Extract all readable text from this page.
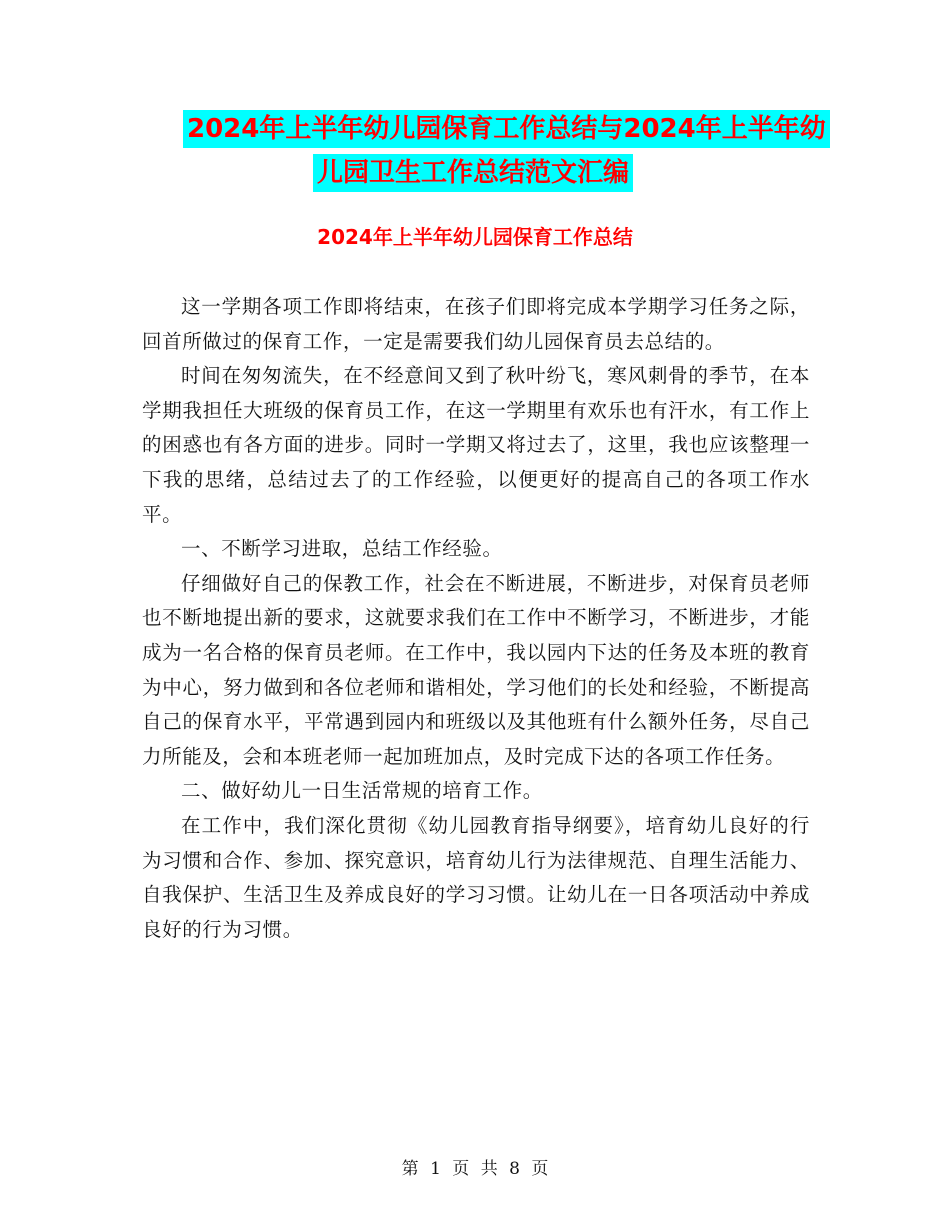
2024年上半年幼儿园保育工作总结与2024年上半年幼
儿园卫生工作总结范文汇编
2024年上半年幼儿园保育工作总结

这一学期各项工作即将结束，在孩子们即将完成本学期学习任务之际，回首所做过的保育工作，一定是需要我们幼儿园保育员去总结的。

时间在匆匆流失，在不经意间又到了秋叶纷飞，寒风刺骨的季节，在本学期我担任大班级的保育员工作，在这一学期里有欢乐也有汗水，有工作上的困惑也有各方面的进步。同时一学期又将过去了，这里，我也应该整理一下我的思绪，总结过去了的工作经验，以便更好的提高自己的各项工作水平。

一、不断学习进取，总结工作经验。

仔细做好自己的保教工作，社会在不断进展，不断进步，对保育员老师也不断地提出新的要求，这就要求我们在工作中不断学习，不断进步，才能成为一名合格的保育员老师。在工作中，我以园内下达的任务及本班的教育为中心，努力做到和各位老师和谐相处，学习他们的长处和经验，不断提高自己的保育水平，平常遇到园内和班级以及其他班有什么额外任务，尽自己力所能及，会和本班老师一起加班加点，及时完成下达的各项工作任务。

二、做好幼儿一日生活常规的培育工作。

在工作中，我们深化贯彻《幼儿园教育指导纲要》，培育幼儿良好的行为习惯和合作、参加、探究意识，培育幼儿行为法律规范、自理生活能力、自我保护、生活卫生及养成良好的学习习惯。让幼儿在一日各项活动中养成良好的行为习惯。

第 1 页 共 8 页
